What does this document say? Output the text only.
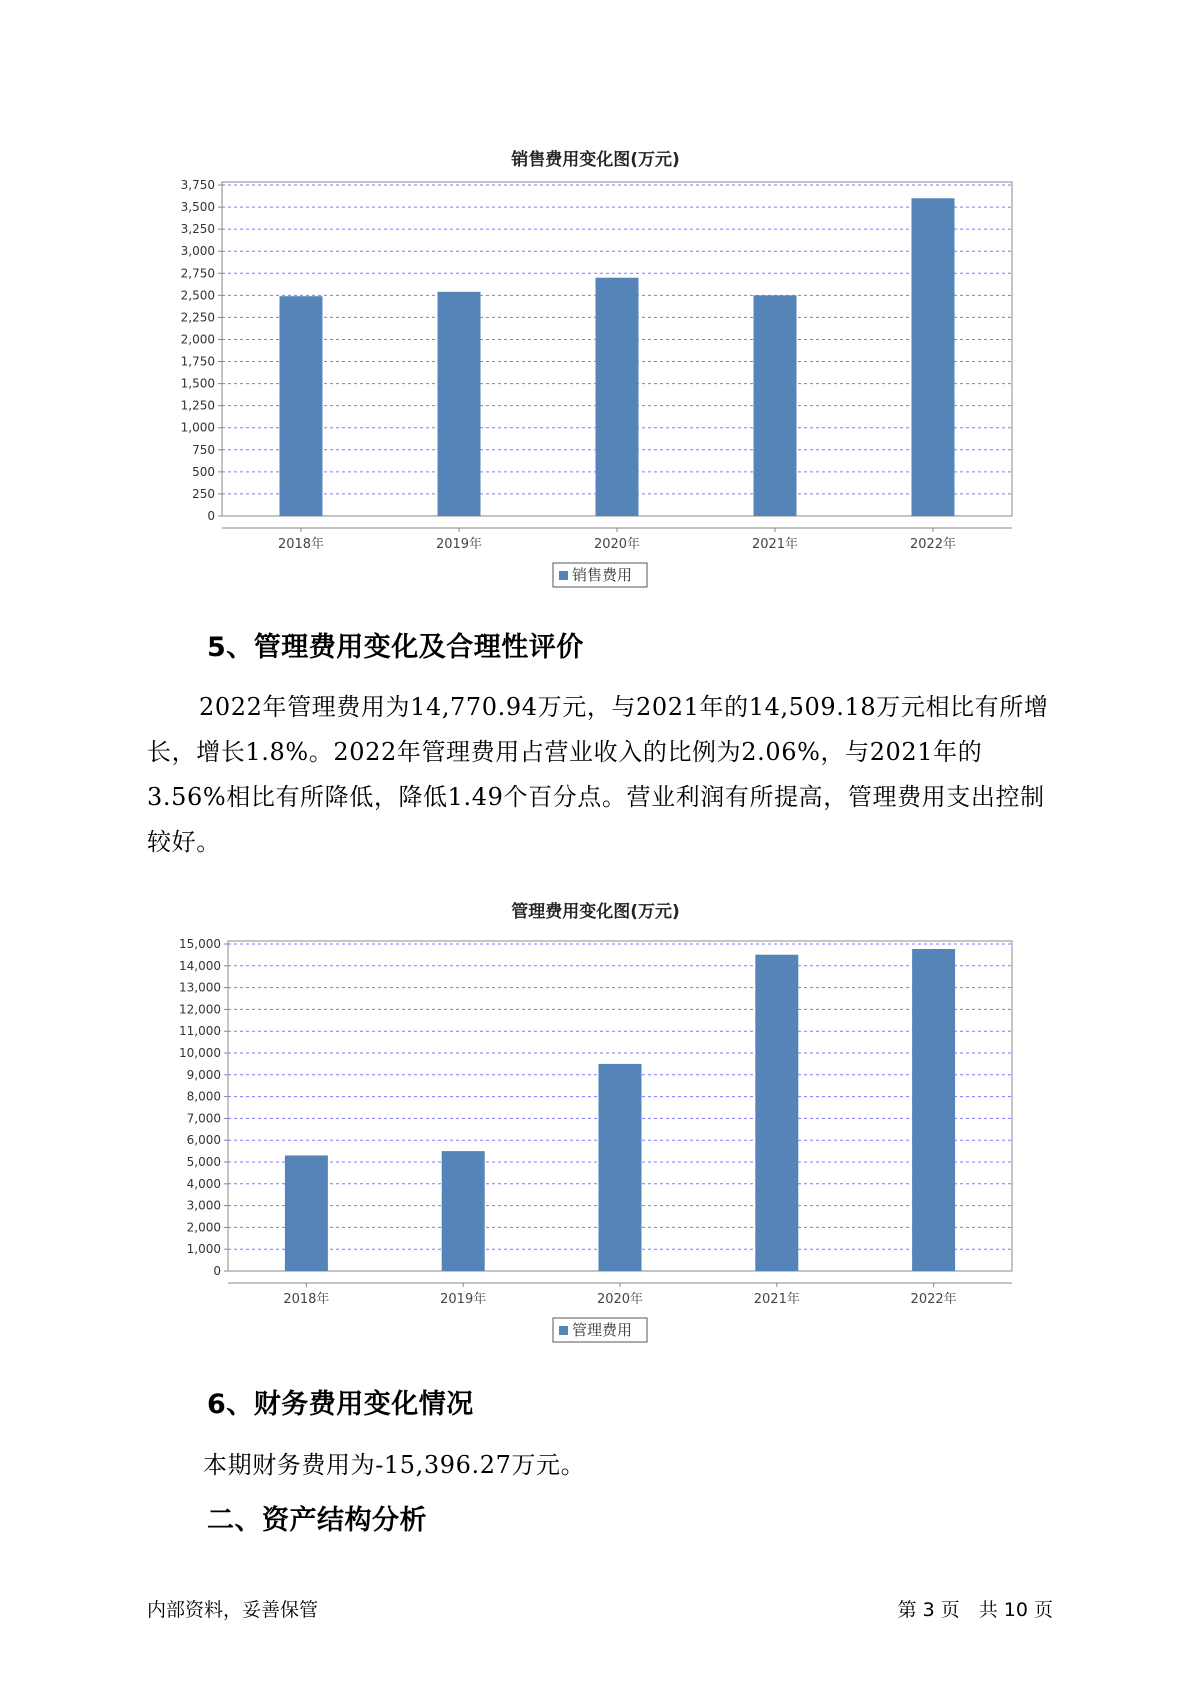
销售费用变化图(万元)
0
250
500
750
1,000
1,250
1,500
1,750
2,000
2,250
2,500
2,750
3,000
3,250
3,500
3,750
2018年	2019年	2020年	2021年	2022年
销售费用
5、管理费用变化及合理性评价
2022年管理费用为14,770.94万元，与2021年的14,509.18万元相比有所增长，增长1.8%。2022年管理费用占营业收入的比例为2.06%，与2021年的3.56%相比有所降低，降低1.49个百分点。营业利润有所提高，管理费用支出控制较好。
管理费用变化图(万元)
0
1,000
2,000
3,000
4,000
5,000
6,000
7,000
8,000
9,000
10,000
11,000
12,000
13,000
14,000
15,000
2018年	2019年	2020年	2021年	2022年
管理费用
6、财务费用变化情况
本期财务费用为-15,396.27万元。
二、资产结构分析
内部资料，妥善保管	第 3 页　共 10 页
